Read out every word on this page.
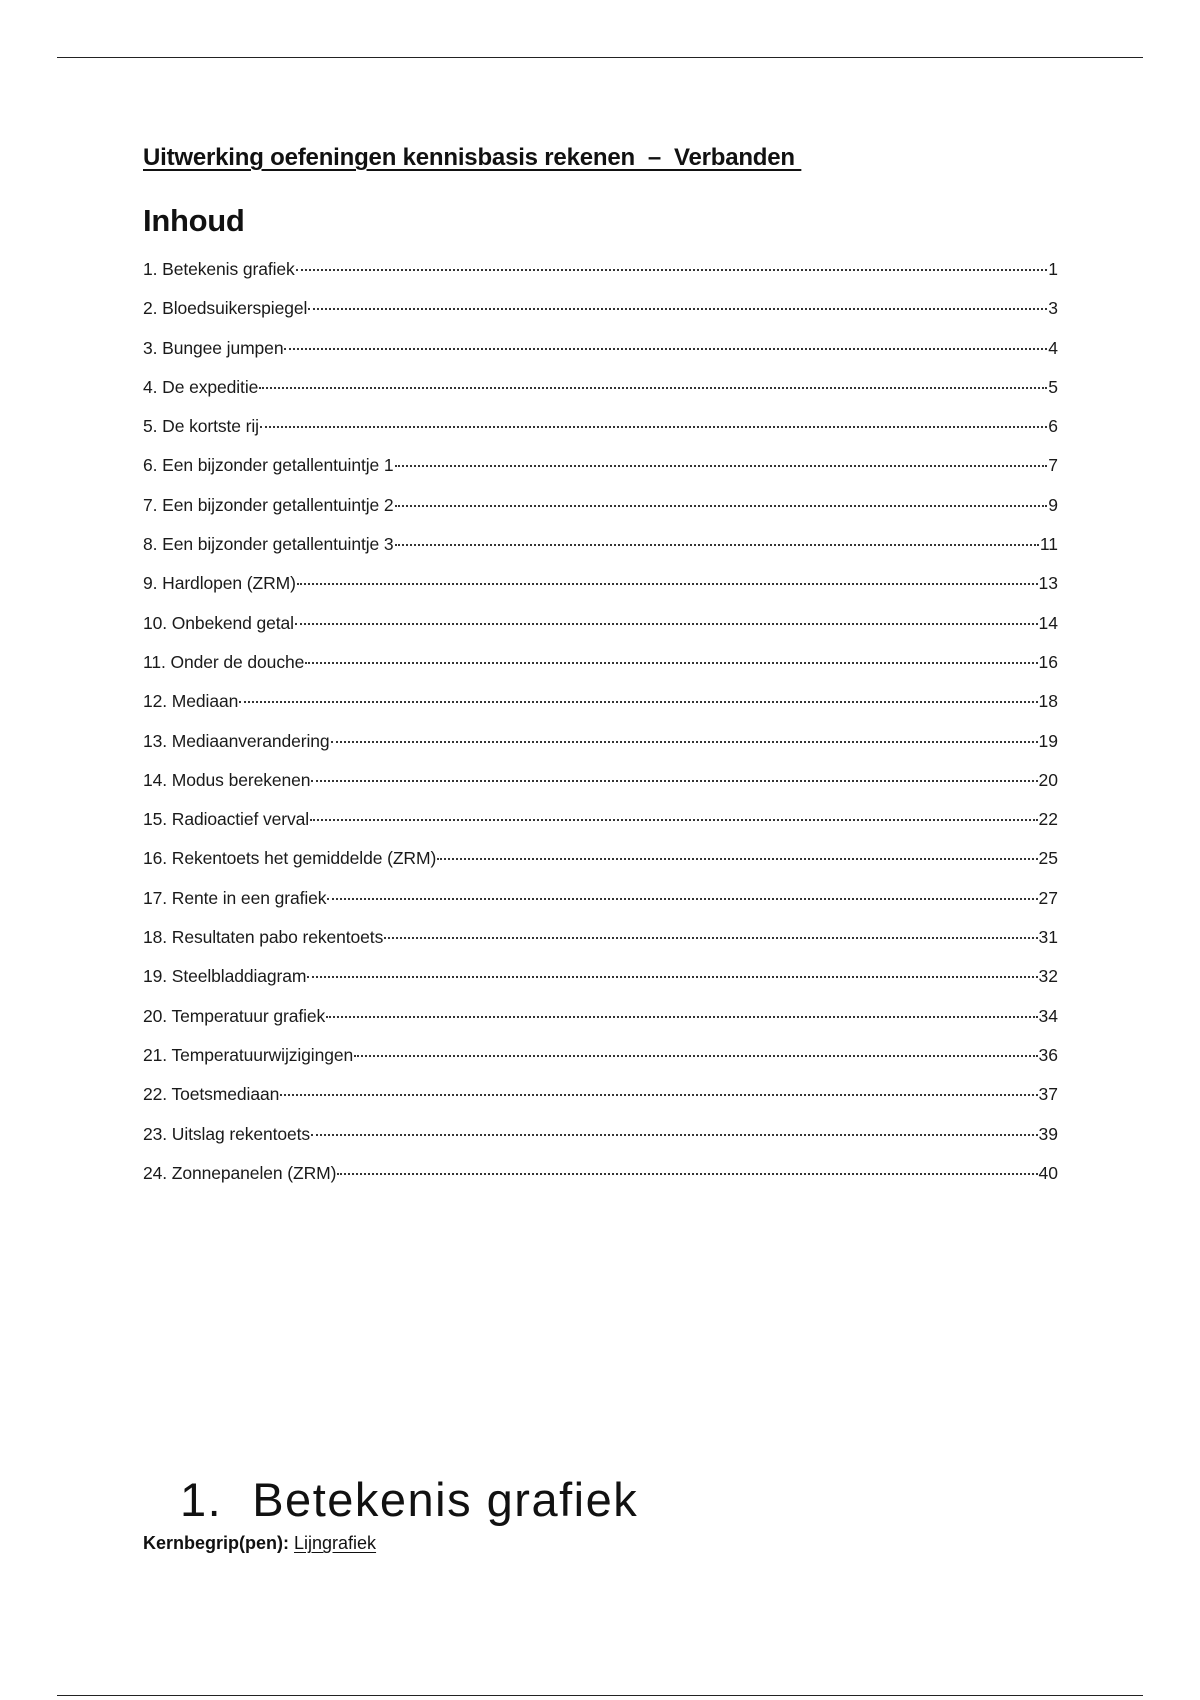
Uitwerking oefeningen kennisbasis rekenen  –  Verbanden
Inhoud
1. Betekenis grafiek	1
2. Bloedsuikerspiegel	3
3. Bungee jumpen	4
4. De expeditie	5
5. De kortste rij	6
6. Een bijzonder getallentuintje 1	7
7. Een bijzonder getallentuintje 2	9
8. Een bijzonder getallentuintje 3	11
9. Hardlopen (ZRM)	13
10. Onbekend getal	14
11. Onder de douche	16
12. Mediaan	18
13. Mediaanverandering	19
14. Modus berekenen	20
15. Radioactief verval	22
16. Rekentoets het gemiddelde (ZRM)	25
17. Rente in een grafiek	27
18. Resultaten pabo rekentoets	31
19. Steelbladdiagram	32
20. Temperatuur grafiek	34
21. Temperatuurwijzigingen	36
22. Toetsmediaan	37
23. Uitslag rekentoets	39
24. Zonnepanelen (ZRM)	40
1. Betekenis grafiek
Kernbegrip(pen): Lijngrafiek
